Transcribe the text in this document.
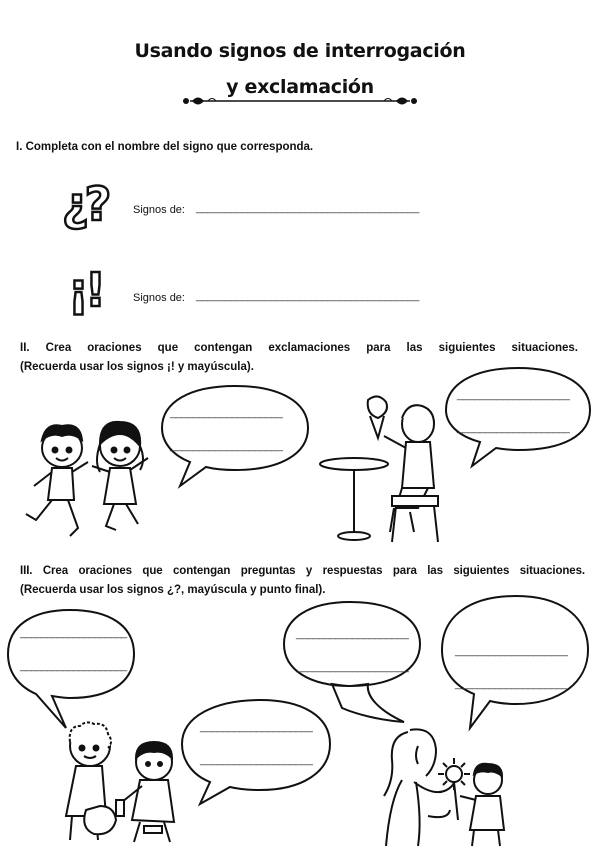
Usando signos de interrogación
y exclamación
I. Completa con el nombre del signo que corresponda.
¿? Signos de: _______________________________________
¡!	Signos de: _______________________________________
II. Crea oraciones que contengan exclamaciones para las siguientes situaciones.
(Recuerda usar los signos ¡! y mayúscula).
____________________
____________________
____________________
____________________
III. Crea oraciones que contengan preguntas y respuestas para las siguientes situaciones.
(Recuerda usar los signos ¿?, mayúscula y punto final).
____________________
____________________
____________________
____________________
____________________
____________________
____________________
____________________
